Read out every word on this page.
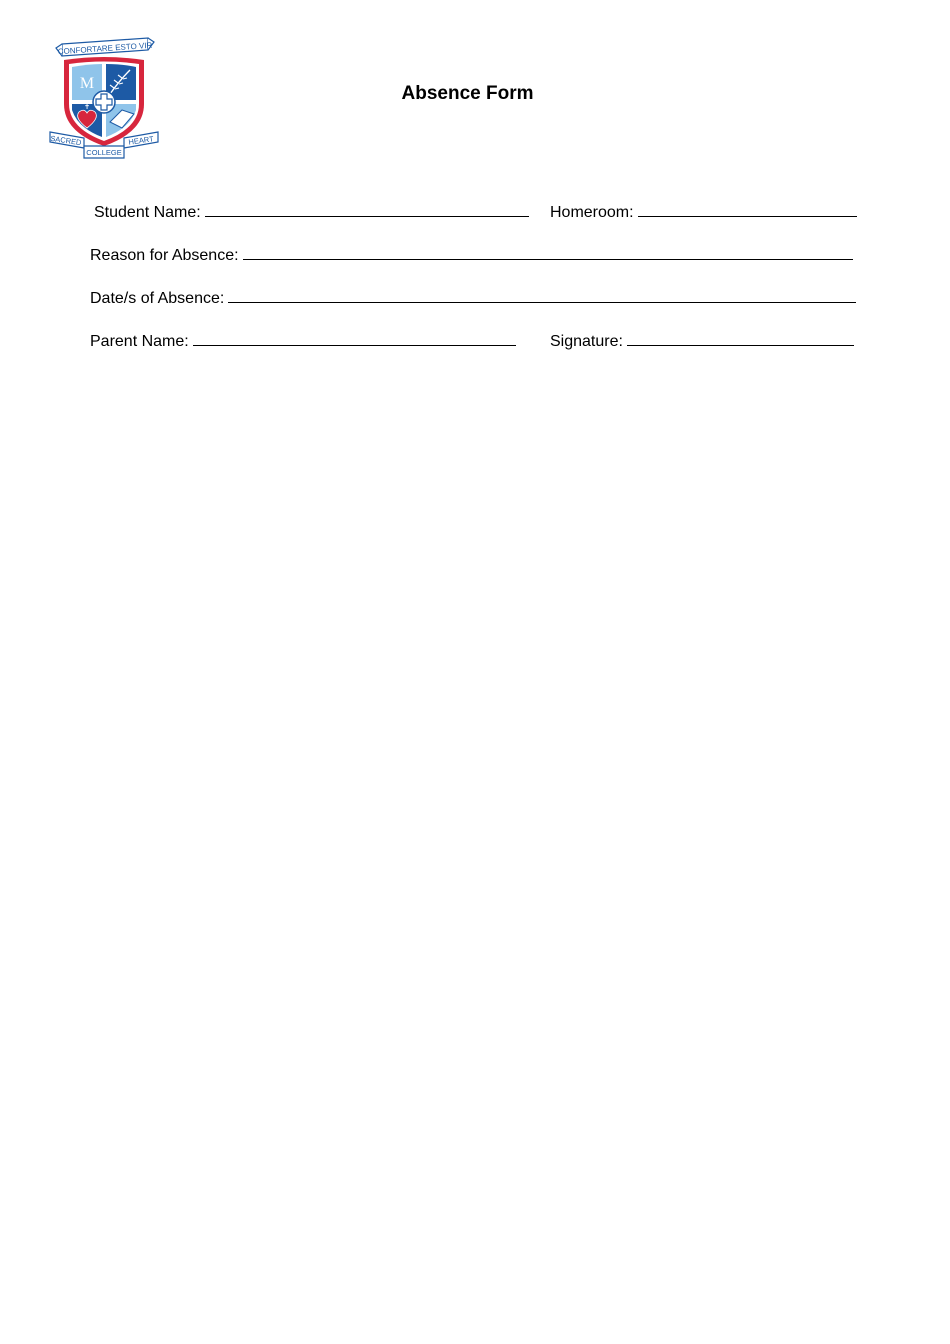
CONFORTARE ESTO VIR
M
✝
SACRED	HEART
COLLEGE
Absence Form
Student Name:	Homeroom:
Reason for Absence:
Date/s of Absence:
Parent Name:	Signature:
